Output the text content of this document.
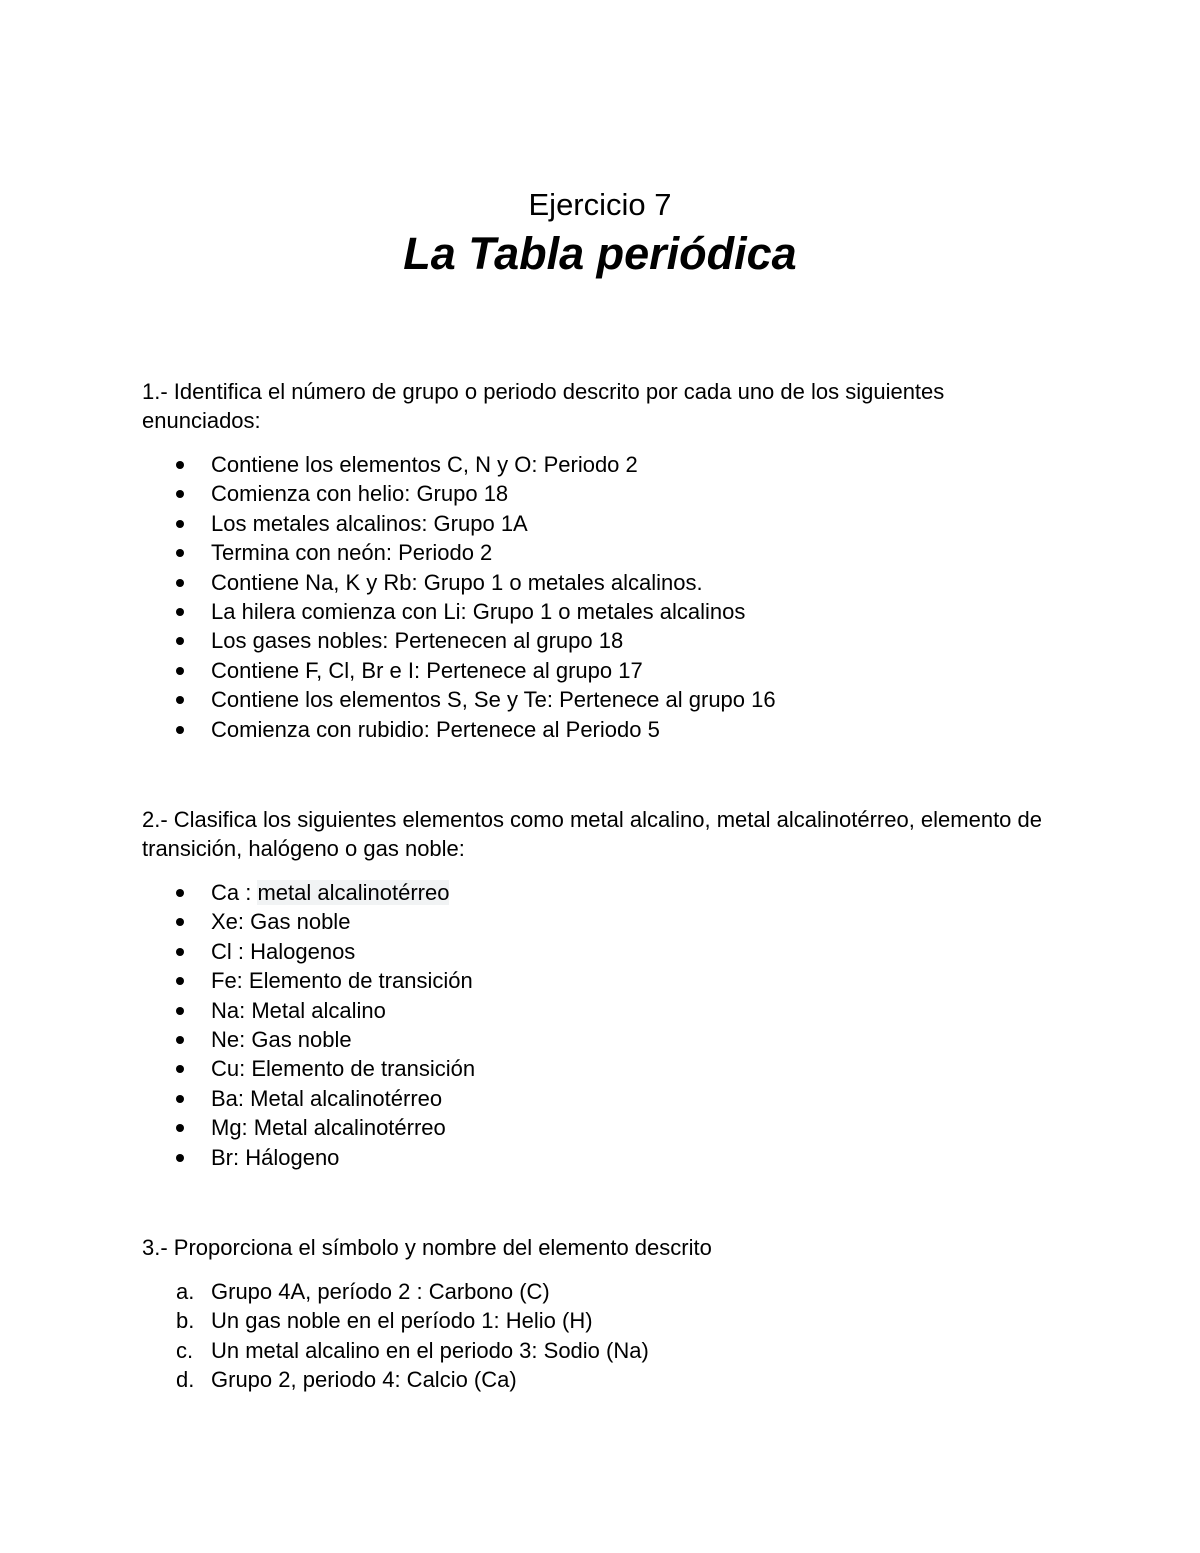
Ejercicio 7
La Tabla periódica

1.- Identifica el número de grupo o periodo descrito por cada uno de los siguientes enunciados:

Contiene los elementos C, N y O: Periodo 2
Comienza con helio: Grupo 18
Los metales alcalinos: Grupo 1A
Termina con neón: Periodo 2
Contiene Na, K y Rb: Grupo 1 o metales alcalinos.
La hilera comienza con Li: Grupo 1 o metales alcalinos
Los gases nobles: Pertenecen al grupo 18
Contiene F, Cl, Br e I: Pertenece al grupo 17
Contiene los elementos S, Se y Te: Pertenece al grupo 16
Comienza con rubidio: Pertenece al Periodo 5

2.- Clasifica los siguientes elementos como metal alcalino, metal alcalinotérreo, elemento de transición, halógeno o gas noble:

Ca : metal alcalinotérreo
Xe: Gas noble
Cl : Halogenos
Fe: Elemento de transición
Na: Metal alcalino
Ne: Gas noble
Cu: Elemento de transición
Ba: Metal alcalinotérreo
Mg: Metal alcalinotérreo
Br: Hálogeno

3.- Proporciona el símbolo y nombre del elemento descrito

a. Grupo 4A, período 2 : Carbono (C)
b. Un gas noble en el período 1: Helio (H)
c. Un metal alcalino en el periodo 3: Sodio (Na)
d. Grupo 2, periodo 4: Calcio (Ca)
